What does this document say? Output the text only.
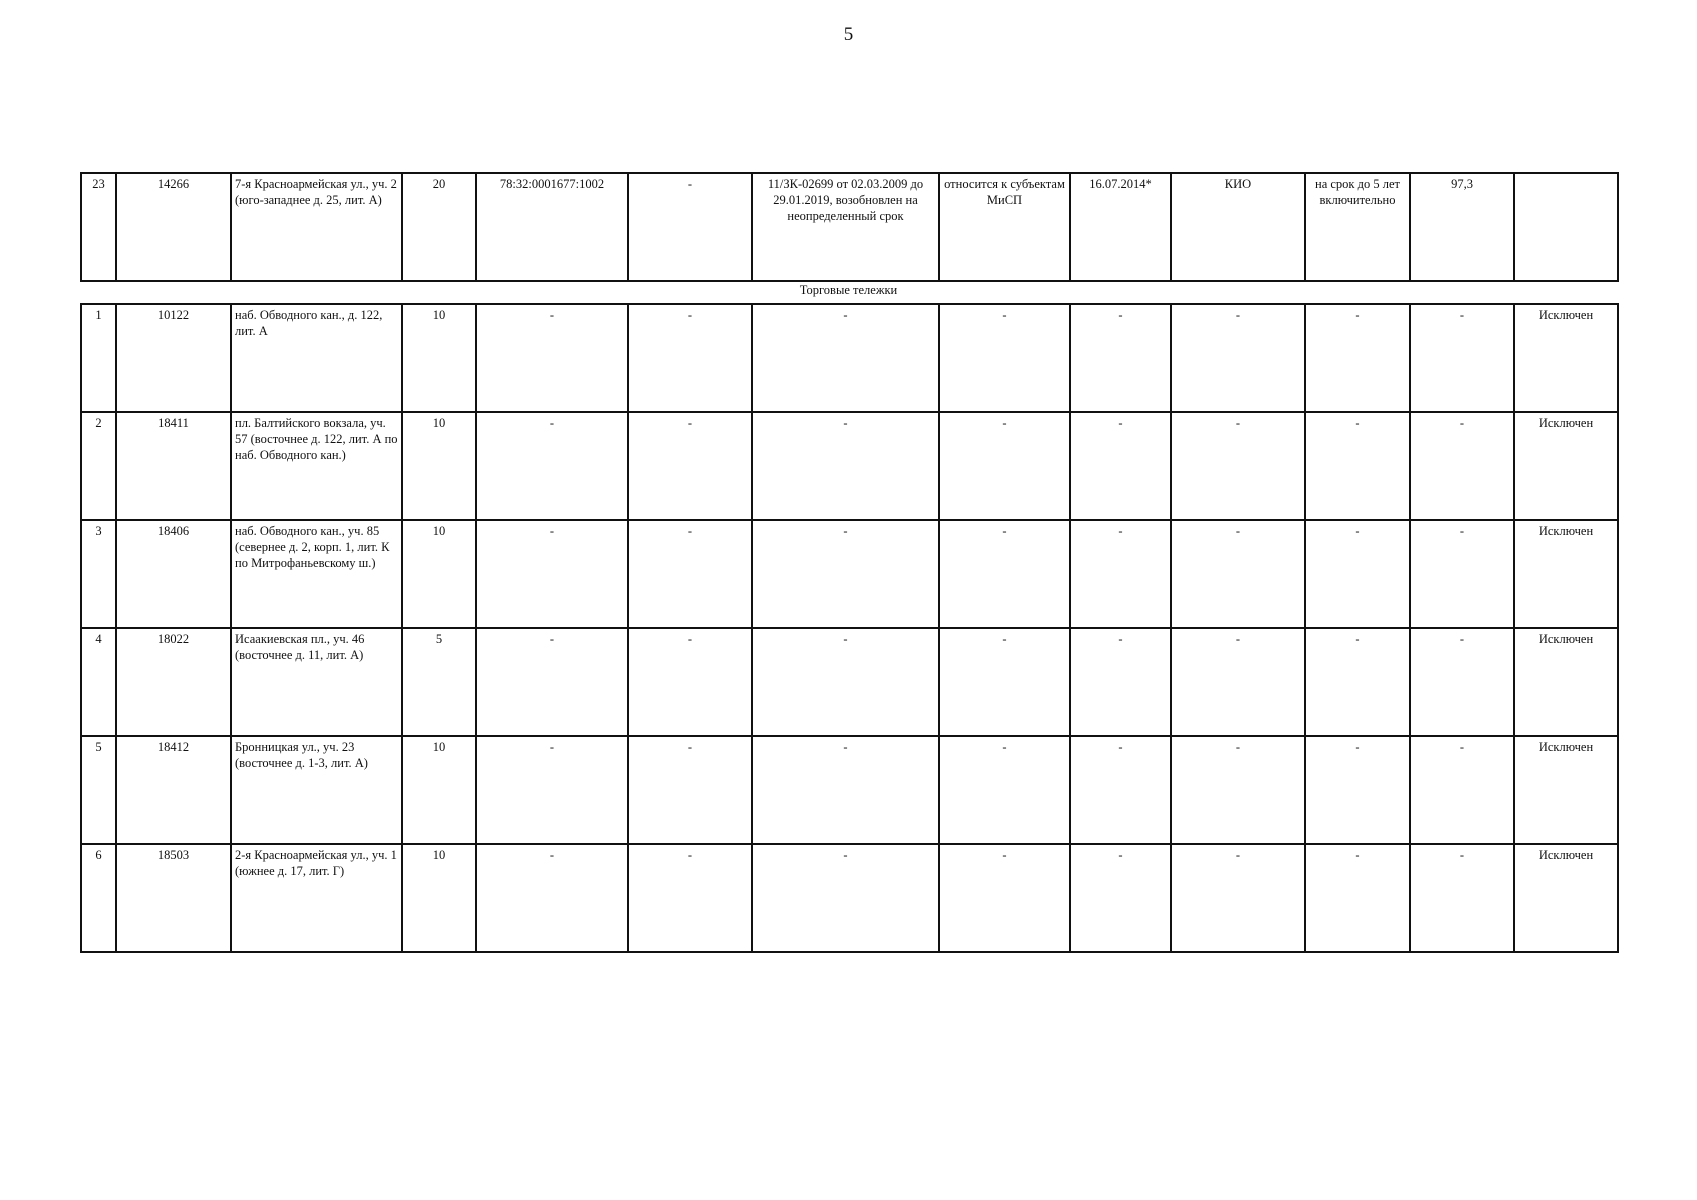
5
23	14266	7-я Красноармейская ул., уч. 2 (юго-западнее д. 25, лит. А)	20	78:32:0001677:1002	-	11/ЗК-02699 от 02.03.2009 до 29.01.2019, возобновлен на неопределенный срок	относится к субъектам МиСП	16.07.2014*	КИО	на срок до 5 лет включительно	97,3	
Торговые тележки
1	10122	наб. Обводного кан., д. 122, лит. А	10	-	-	-	-	-	-	-	-	Исключен
2	18411	пл. Балтийского вокзала, уч. 57 (восточнее д. 122, лит. А по наб. Обводного кан.)	10	-	-	-	-	-	-	-	-	Исключен
3	18406	наб. Обводного кан., уч. 85 (севернее д. 2, корп. 1, лит. К по Митрофаньевскому ш.)	10	-	-	-	-	-	-	-	-	Исключен
4	18022	Исаакиевская пл., уч. 46 (восточнее д. 11, лит. А)	5	-	-	-	-	-	-	-	-	Исключен
5	18412	Бронницкая ул., уч. 23 (восточнее д. 1-3, лит. А)	10	-	-	-	-	-	-	-	-	Исключен
6	18503	2-я Красноармейская ул., уч. 1 (южнее д. 17, лит. Г)	10	-	-	-	-	-	-	-	-	Исключен
